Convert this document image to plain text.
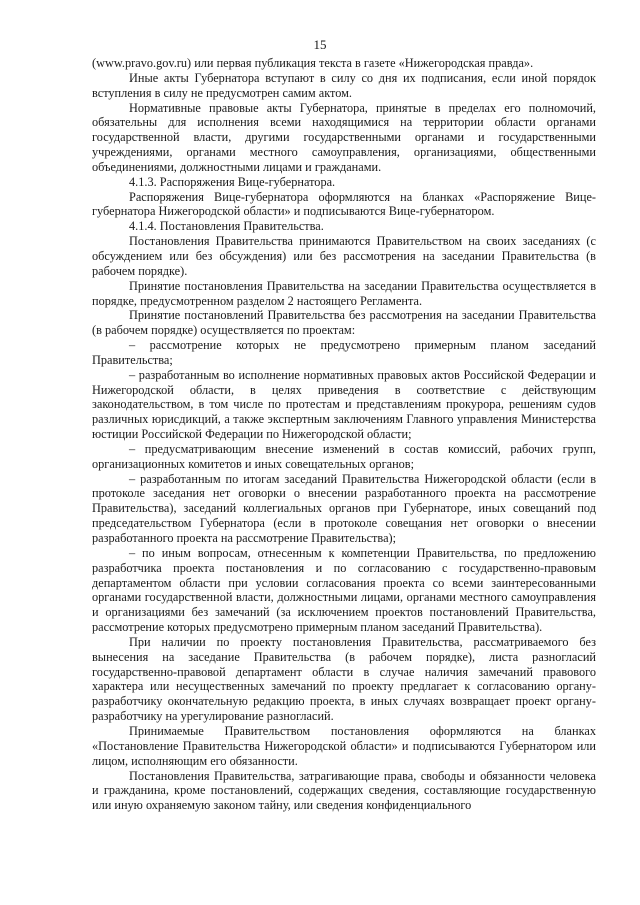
15

(www.pravo.gov.ru) или первая публикация текста в газете «Нижегородская правда».

Иные акты Губернатора вступают в силу со дня их подписания, если иной порядок вступления в силу не предусмотрен самим актом.

Нормативные правовые акты Губернатора, принятые в пределах его полномочий, обязательны для исполнения всеми находящимися на территории области органами государственной власти, другими государственными органами и государственными учреждениями, органами местного самоуправления, организациями, общественными объединениями, должностными лицами и гражданами.

4.1.3. Распоряжения Вице-губернатора.

Распоряжения Вице-губернатора оформляются на бланках «Распоряжение Вице-губернатора Нижегородской области» и подписываются Вице-губернатором.

4.1.4. Постановления Правительства.

Постановления Правительства принимаются Правительством на своих заседаниях (с обсуждением или без обсуждения) или без рассмотрения на заседании Правительства (в рабочем порядке).

Принятие постановления Правительства на заседании Правительства осуществляется в порядке, предусмотренном разделом 2 настоящего Регламента.

Принятие постановлений Правительства без рассмотрения на заседании Правительства (в рабочем порядке) осуществляется по проектам:

– рассмотрение которых не предусмотрено примерным планом заседаний Правительства;

– разработанным во исполнение нормативных правовых актов Российской Федерации и Нижегородской области, в целях приведения в соответствие с действующим законодательством, в том числе по протестам и представлениям прокурора, решениям судов различных юрисдикций, а также экспертным заключениям Главного управления Министерства юстиции Российской Федерации по Нижегородской области;

– предусматривающим внесение изменений в состав комиссий, рабочих групп, организационных комитетов и иных совещательных органов;

– разработанным по итогам заседаний Правительства Нижегородской области (если в протоколе заседания нет оговорки о внесении разработанного проекта на рассмотрение Правительства), заседаний коллегиальных органов при Губернаторе, иных совещаний под председательством Губернатора (если в протоколе совещания нет оговорки о внесении разработанного проекта на рассмотрение Правительства);

– по иным вопросам, отнесенным к компетенции Правительства, по предложению разработчика проекта постановления и по согласованию с государственно-правовым департаментом области при условии согласования проекта со всеми заинтересованными органами государственной власти, должностными лицами, органами местного самоуправления и организациями без замечаний (за исключением проектов постановлений Правительства, рассмотрение которых предусмотрено примерным планом заседаний Правительства).

При наличии по проекту постановления Правительства, рассматриваемого без вынесения на заседание Правительства (в рабочем порядке), листа разногласий государственно-правовой департамент области в случае наличия замечаний правового характера или несущественных замечаний по проекту предлагает к согласованию органу-разработчику окончательную редакцию проекта, в иных случаях возвращает проект органу-разработчику на урегулирование разногласий.

Принимаемые Правительством постановления оформляются на бланках «Постановление Правительства Нижегородской области» и подписываются Губернатором или лицом, исполняющим его обязанности.

Постановления Правительства, затрагивающие права, свободы и обязанности человека и гражданина, кроме постановлений, содержащих сведения, составляющие государственную или иную охраняемую законом тайну, или сведения конфиденциального
